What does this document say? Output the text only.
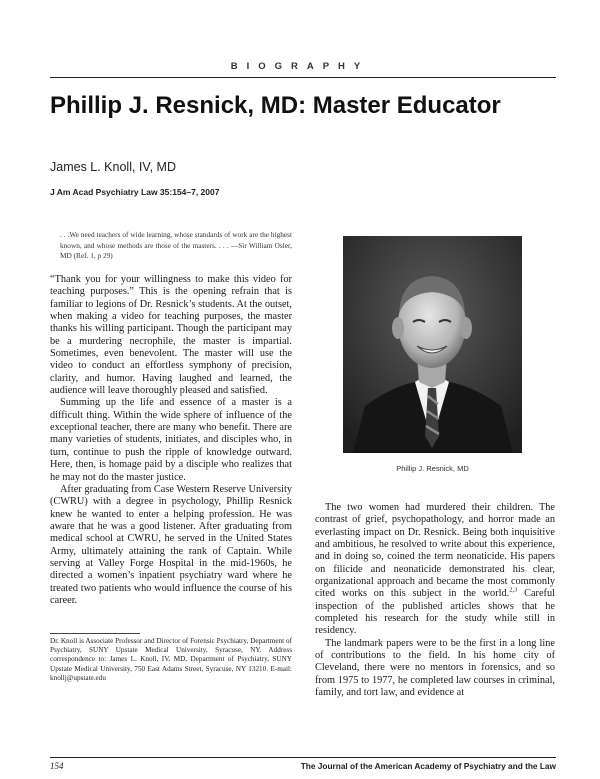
BIOGRAPHY
Phillip J. Resnick, MD: Master Educator
James L. Knoll, IV, MD
J Am Acad Psychiatry Law 35:154–7, 2007
. . .We need teachers of wide learning, whose standards of work are the highest known, and whose methods are those of the masters. . . . —Sir William Osler, MD (Ref. 1, p 29)

“Thank you for your willingness to make this video for teaching purposes.” This is the opening refrain that is familiar to legions of Dr. Resnick’s students. At the outset, when making a video for teaching purposes, the master thanks his willing participant. Though the participant may be a murdering necrophile, the master is impartial. Sometimes, even benevolent. The master will use the video to conduct an effortless symphony of precision, clarity, and humor. Having laughed and learned, the audience will leave thoroughly pleased and satisfied.

Summing up the life and essence of a master is a difficult thing. Within the wide sphere of influence of the exceptional teacher, there are many who benefit. There are many varieties of students, initiates, and disciples who, in turn, continue to push the ripple of knowledge outward. Here, then, is homage paid by a disciple who realizes that he may not do the master justice.

After graduating from Case Western Reserve University (CWRU) with a degree in psychology, Phillip Resnick knew he wanted to enter a helping profession. He was aware that he was a good listener. After graduating from medical school at CWRU, he served in the United States Army, ultimately attaining the rank of Captain. While serving at Valley Forge Hospital in the mid-1960s, he directed a women’s inpatient psychiatry ward where he treated two patients who would influence the course of his career.

Dr. Knoll is Associate Professor and Director of Forensic Psychiatry, Department of Psychiatry, SUNY Upstate Medical University, Syracuse, NY. Address correspondence to: James L. Knoll, IV, MD, Department of Psychiatry, SUNY Upstate Medical University, 750 East Adams Street, Syracuse, NY 13210. E-mail: knollj@upstate.edu
Phillip J. Resnick, MD

The two women had murdered their children. The contrast of grief, psychopathology, and horror made an everlasting impact on Dr. Resnick. Being both inquisitive and ambitious, he resolved to write about this experience, and in doing so, coined the term neonaticide. His papers on filicide and neonaticide demonstrated his clear, organizational approach and became the most commonly cited works on this subject in the world.$^{2,3}$ Careful inspection of the published articles shows that he completed his research for the study while still in residency.

The landmark papers were to be the first in a long line of contributions to the field. In his home city of Cleveland, there were no mentors in forensics, and so from 1975 to 1977, he completed law courses in criminal, family, and tort law, and evidence at

154	The Journal of the American Academy of Psychiatry and the Law
